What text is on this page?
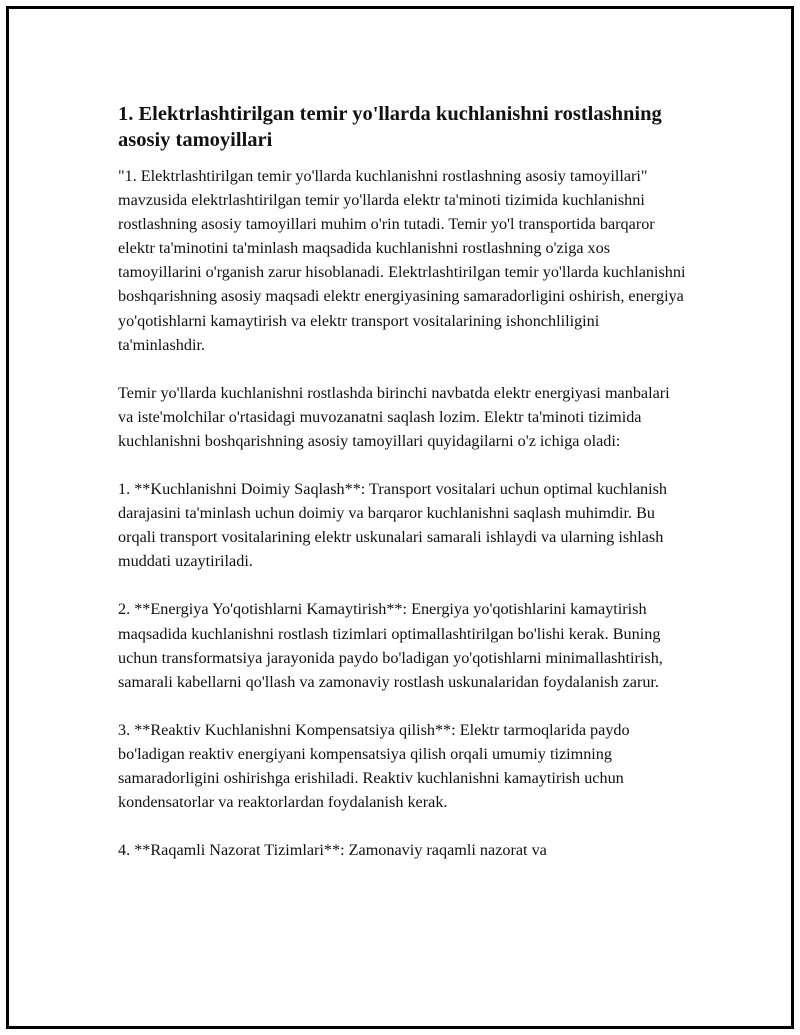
1. Elektrlashtirilgan temir yo'llarda kuchlanishni rostlashning asosiy tamoyillari

"1. Elektrlashtirilgan temir yo'llarda kuchlanishni rostlashning asosiy tamoyillari" mavzusida elektrlashtirilgan temir yo'llarda elektr ta'minoti tizimida kuchlanishni rostlashning asosiy tamoyillari muhim o'rin tutadi. Temir yo'l transportida barqaror elektr ta'minotini ta'minlash maqsadida kuchlanishni rostlashning o'ziga xos tamoyillarini o'rganish zarur hisoblanadi. Elektrlashtirilgan temir yo'llarda kuchlanishni boshqarishning asosiy maqsadi elektr energiyasining samaradorligini oshirish, energiya yo'qotishlarni kamaytirish va elektr transport vositalarining ishonchliligini ta'minlashdir.

Temir yo'llarda kuchlanishni rostlashda birinchi navbatda elektr energiyasi manbalari va iste'molchilar o'rtasidagi muvozanatni saqlash lozim. Elektr ta'minoti tizimida kuchlanishni boshqarishning asosiy tamoyillari quyidagilarni o'z ichiga oladi:

1. **Kuchlanishni Doimiy Saqlash**: Transport vositalari uchun optimal kuchlanish darajasini ta'minlash uchun doimiy va barqaror kuchlanishni saqlash muhimdir. Bu orqali transport vositalarining elektr uskunalari samarali ishlaydi va ularning ishlash muddati uzaytiriladi.

2. **Energiya Yo'qotishlarni Kamaytirish**: Energiya yo'qotishlarini kamaytirish maqsadida kuchlanishni rostlash tizimlari optimallashtirilgan bo'lishi kerak. Buning uchun transformatsiya jarayonida paydo bo'ladigan yo'qotishlarni minimallashtirish, samarali kabellarni qo'llash va zamonaviy rostlash uskunalaridan foydalanish zarur.

3. **Reaktiv Kuchlanishni Kompensatsiya qilish**: Elektr tarmoqlarida paydo bo'ladigan reaktiv energiyani kompensatsiya qilish orqali umumiy tizimning samaradorligini oshirishga erishiladi. Reaktiv kuchlanishni kamaytirish uchun kondensatorlar va reaktorlardan foydalanish kerak.

4. **Raqamli Nazorat Tizimlari**: Zamonaviy raqamli nazorat va
